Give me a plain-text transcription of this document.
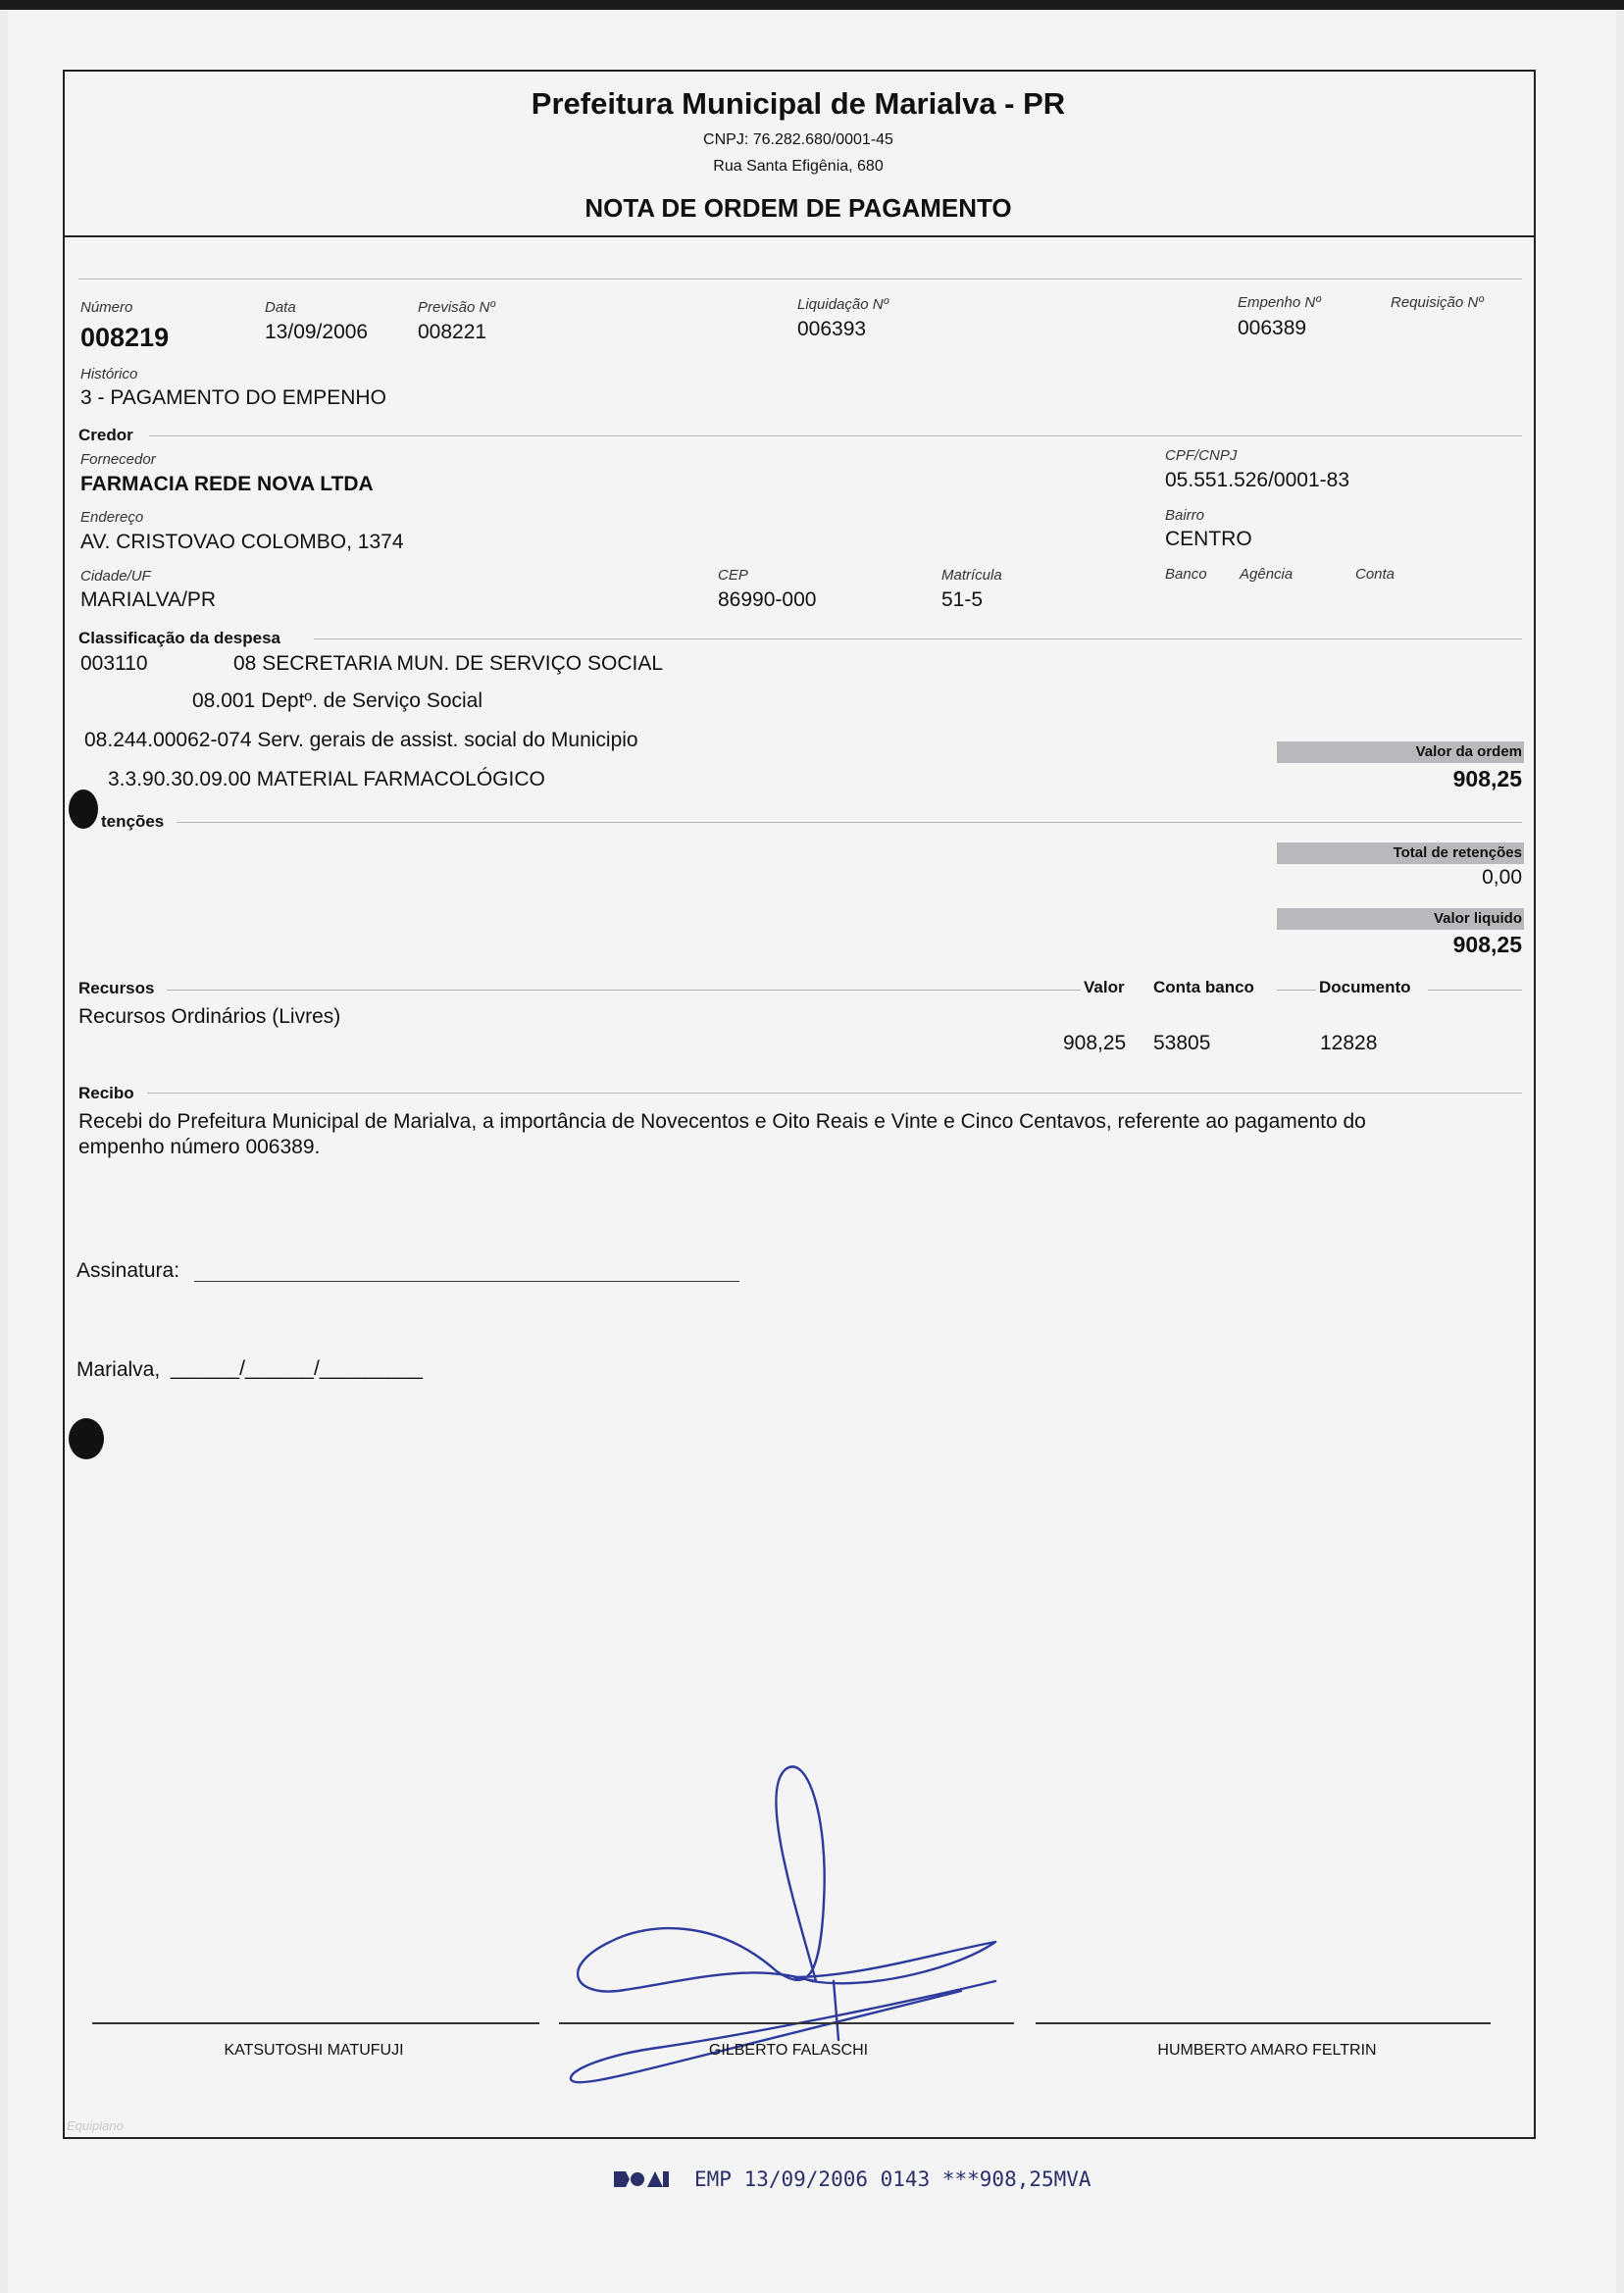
Prefeitura Municipal de Marialva - PR
CNPJ: 76.282.680/0001-45
Rua Santa Efigênia, 680
NOTA DE ORDEM DE PAGAMENTO
Número
008219
Data
13/09/2006
Previsão Nº
008221
Liquidação Nº
006393
Empenho Nº
006389
Requisição Nº
Histórico
3 - PAGAMENTO DO EMPENHO
Credor
Fornecedor
FARMACIA REDE NOVA LTDA
CPF/CNPJ
05.551.526/0001-83
Endereço
AV. CRISTOVAO COLOMBO, 1374
Bairro
CENTRO
Cidade/UF
MARIALVA/PR
CEP
86990-000
Matrícula
51-5
Banco Agência	Conta
Classificação da despesa
003110	08 SECRETARIA MUN. DE SERVIÇO SOCIAL
08.001 Deptº. de Serviço Social
08.244.00062-074 Serv. gerais de assist. social do Municipio
3.3.90.30.09.00 MATERIAL FARMACOLÓGICO
Valor da ordem
908,25
tenções
Total de retenções
0,00
Valor liquido
908,25
Recursos	Valor Conta banco	Documento
Recursos Ordinários (Livres)
908,25 53805	12828
Recibo
Recebi do Prefeitura Municipal de Marialva, a importância de Novecentos e Oito Reais e Vinte e Cinco Centavos, referente ao pagamento do
empenho número 006389.
Assinatura:
Marialva, ______/______/_________
KATSUTOSHI MATUFUJI	GILBERTO FALASCHI	HUMBERTO AMARO FELTRIN
Equiplano
EMP 13/09/2006 0143 ***908,25MVA
